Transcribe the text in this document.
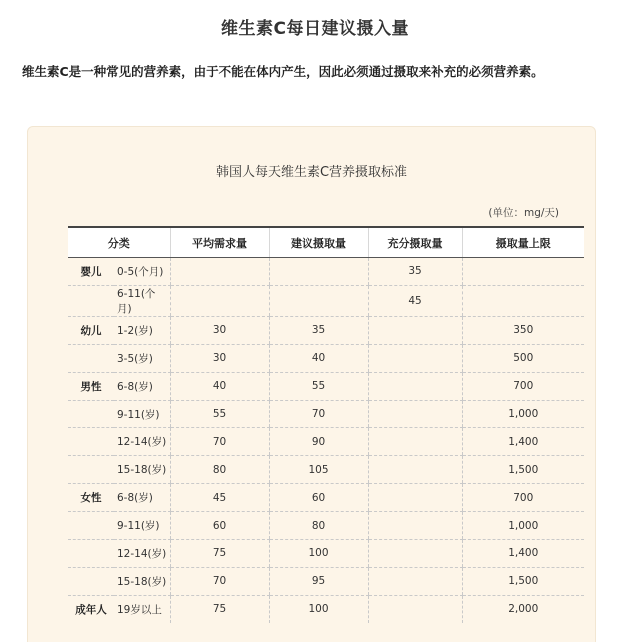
维生素C每日建议摄入量
维生素C是一种常见的营养素，由于不能在体内产生，因此必须通过摄取来补充的必须营养素。
韩国人每天维生素C营养摄取标准
(单位：mg/天)
分类		平均需求量	建议摄取量	充分摄取量	摄取量上限
婴儿	0-5(个月)			35	
	6-11(个月)			45	
幼儿	1-2(岁)	30	35		350
	3-5(岁)	30	40		500
男性	6-8(岁)	40	55		700
	9-11(岁)	55	70		1,000
	12-14(岁)	70	90		1,400
	15-18(岁)	80	105		1,500
女性	6-8(岁)	45	60		700
	9-11(岁)	60	80		1,000
	12-14(岁)	75	100		1,400
	15-18(岁)	70	95		1,500
成年人	19岁以上	75	100		2,000
